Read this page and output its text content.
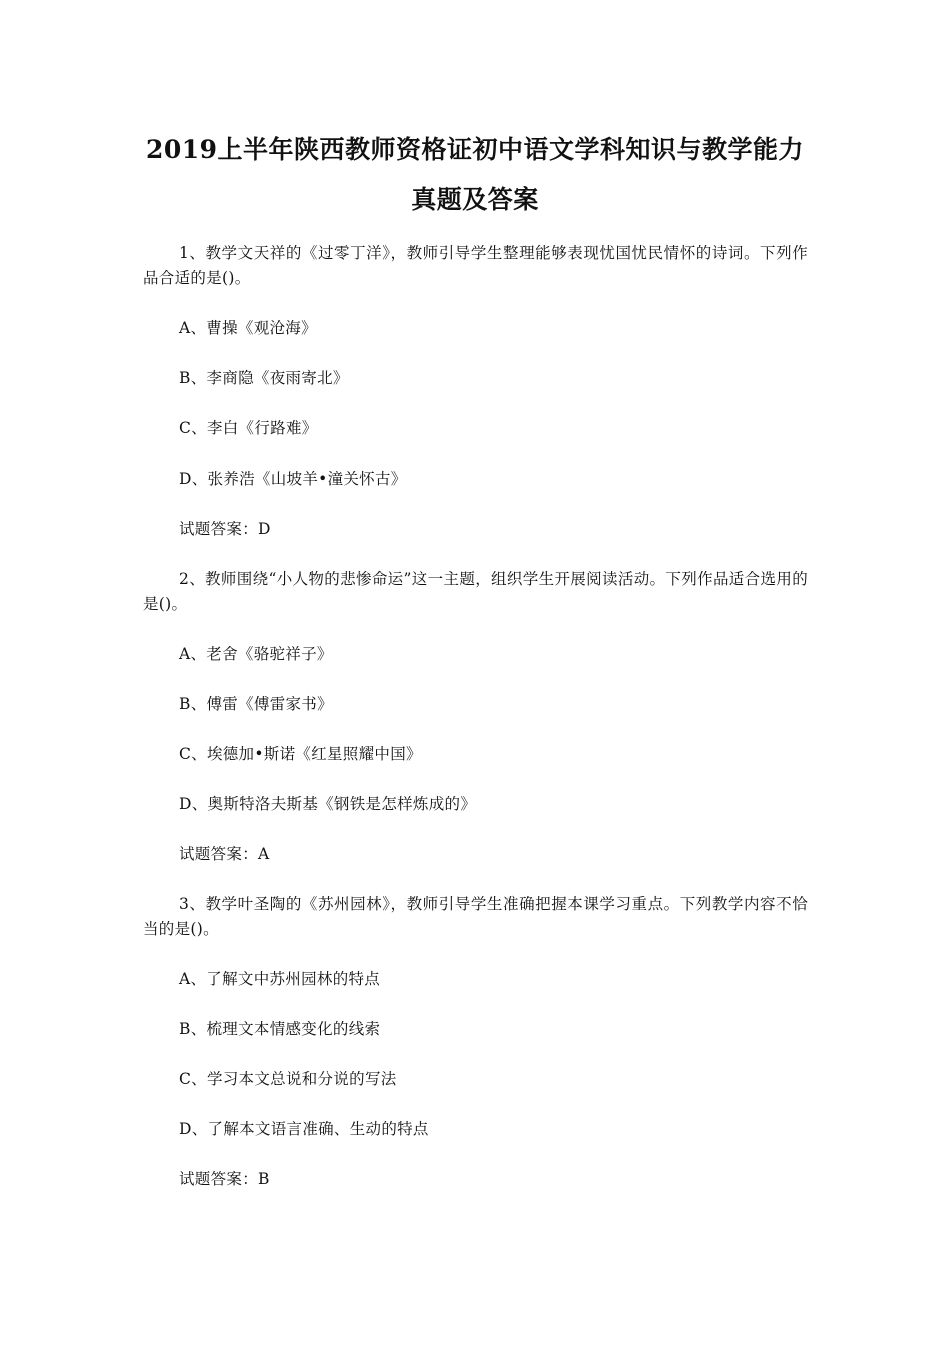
2019上半年陕西教师资格证初中语文学科知识与教学能力
真题及答案
1、教学文天祥的《过零丁洋》，教师引导学生整理能够表现忧国忧民情怀的诗词。下列作品合适的是()。
A、曹操《观沧海》
B、李商隐《夜雨寄北》
C、李白《行路难》
D、张养浩《山坡羊•潼关怀古》
试题答案：D
2、教师围绕“小人物的悲惨命运”这一主题，组织学生开展阅读活动。下列作品适合选用的是()。
A、老舍《骆驼祥子》
B、傅雷《傅雷家书》
C、埃德加•斯诺《红星照耀中国》
D、奥斯特洛夫斯基《钢铁是怎样炼成的》
试题答案：A
3、教学叶圣陶的《苏州园林》，教师引导学生准确把握本课学习重点。下列教学内容不恰当的是()。
A、了解文中苏州园林的特点
B、梳理文本情感变化的线索
C、学习本文总说和分说的写法
D、了解本文语言准确、生动的特点
试题答案：B
